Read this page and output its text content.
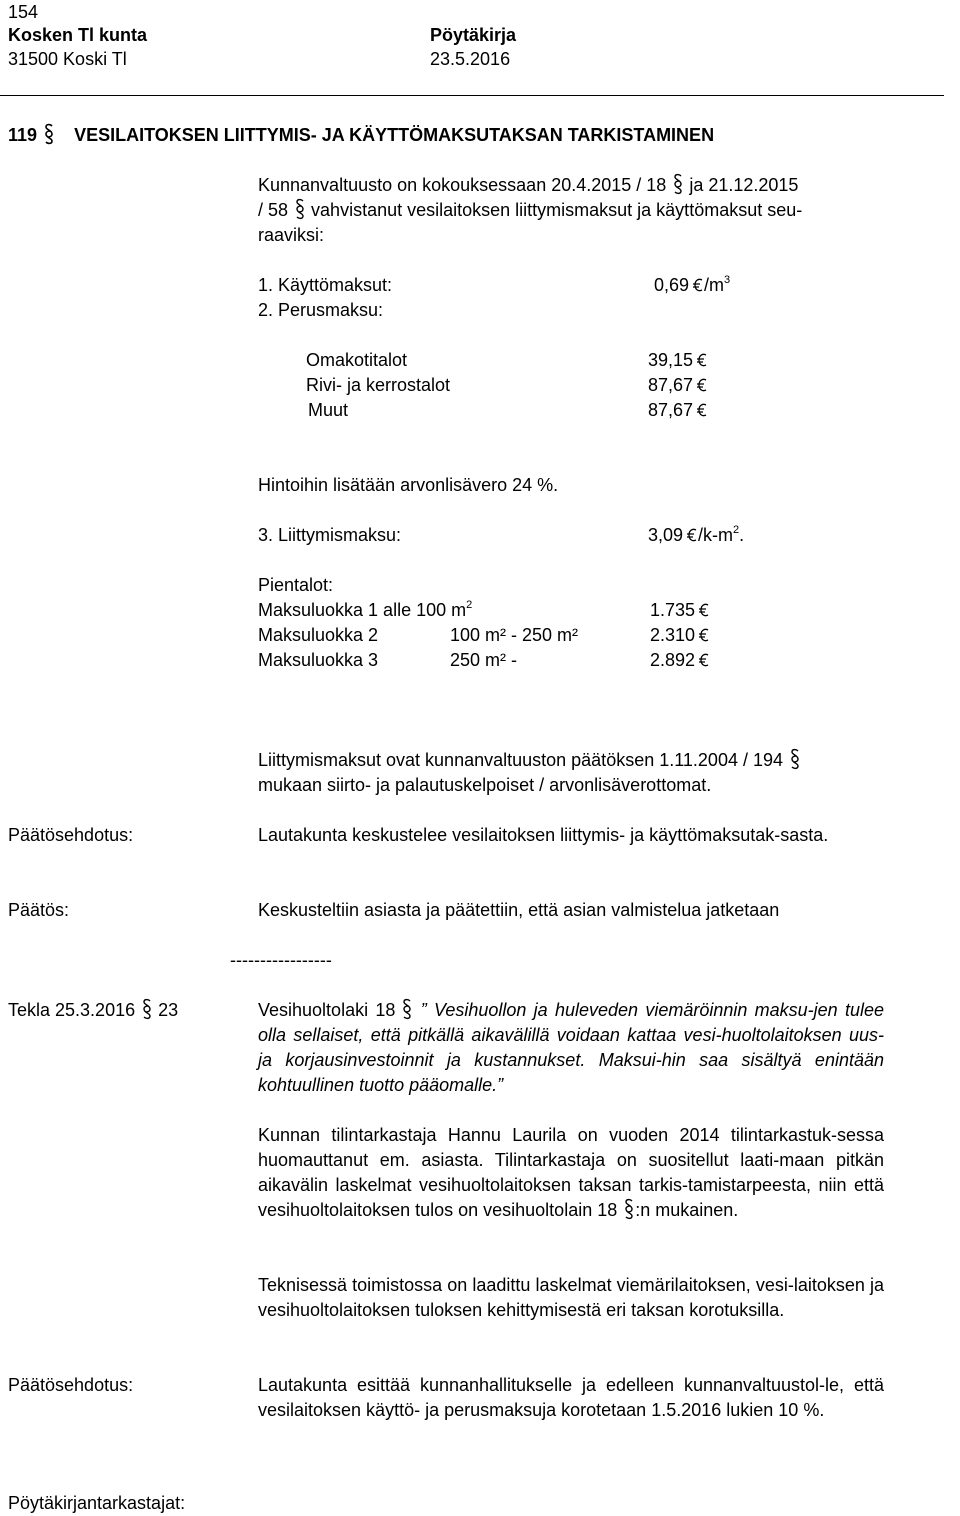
154
Kosken Tl kunta
31500 Koski Tl
Pöytäkirja
23.5.2016
119 VESILAITOKSEN LIITTYMIS- JA KÄYTTÖMAKSUTAKSAN TARKISTAMINEN
Kunnanvaltuusto on kokouksessaan 20.4.2015 / 18 ja 21.12.2015
/ 58 vahvistanut vesilaitoksen liittymismaksut ja käyttömaksut seu-
raaviksi:
1. Käyttömaksut:	0,69 $/m^3$
2. Perusmaksu:
Omakotitalot	39,15
Rivi- ja kerrostalot	87,67
Muut	87,67
Hintoihin lisätään arvonlisävero 24 %.
3. Liittymismaksu:	3,09 $/k-m^2$.
Pientalot:
Maksuluokka 1 alle 100 $m^2$	1.735
Maksuluokka 2	100 m² - 250 m²	2.310
Maksuluokka 3	250 m² -	2.892
Liittymismaksut ovat kunnanvaltuuston päätöksen 1.11.2004 / 194
mukaan siirto- ja palautuskelpoiset / arvonlisäverottomat.
Päätösehdotus:	Lautakunta keskustelee vesilaitoksen liittymis- ja käyttömaksutak-sasta.
Päätös:	Keskusteltiin asiasta ja päätettiin, että asian valmistelua jatketaan
-----------------
Tekla 25.3.2016 23	Vesihuoltolaki 18 ” Vesihuollon ja huleveden viemäröinnin maksu-jen tulee olla sellaiset, että pitkällä aikavälillä voidaan kattaa vesi-huoltolaitoksen uus- ja korjausinvestoinnit ja kustannukset. Maksui-hin saa sisältyä enintään kohtuullinen tuotto pääomalle.”
Kunnan tilintarkastaja Hannu Laurila on vuoden 2014 tilintarkastuk-sessa huomauttanut em. asiasta. Tilintarkastaja on suositellut laati-maan pitkän aikavälin laskelmat vesihuoltolaitoksen taksan tarkis-tamistarpeesta, niin että vesihuoltolaitoksen tulos on vesihuoltolain 18 :n mukainen.
Teknisessä toimistossa on laadittu laskelmat viemärilaitoksen, vesi-laitoksen ja vesihuoltolaitoksen tuloksen kehittymisestä eri taksan korotuksilla.
Päätösehdotus:	Lautakunta esittää kunnanhallitukselle ja edelleen kunnanvaltuustol-le, että vesilaitoksen käyttö- ja perusmaksuja korotetaan 1.5.2016 lukien 10 %.
Pöytäkirjantarkastajat:
